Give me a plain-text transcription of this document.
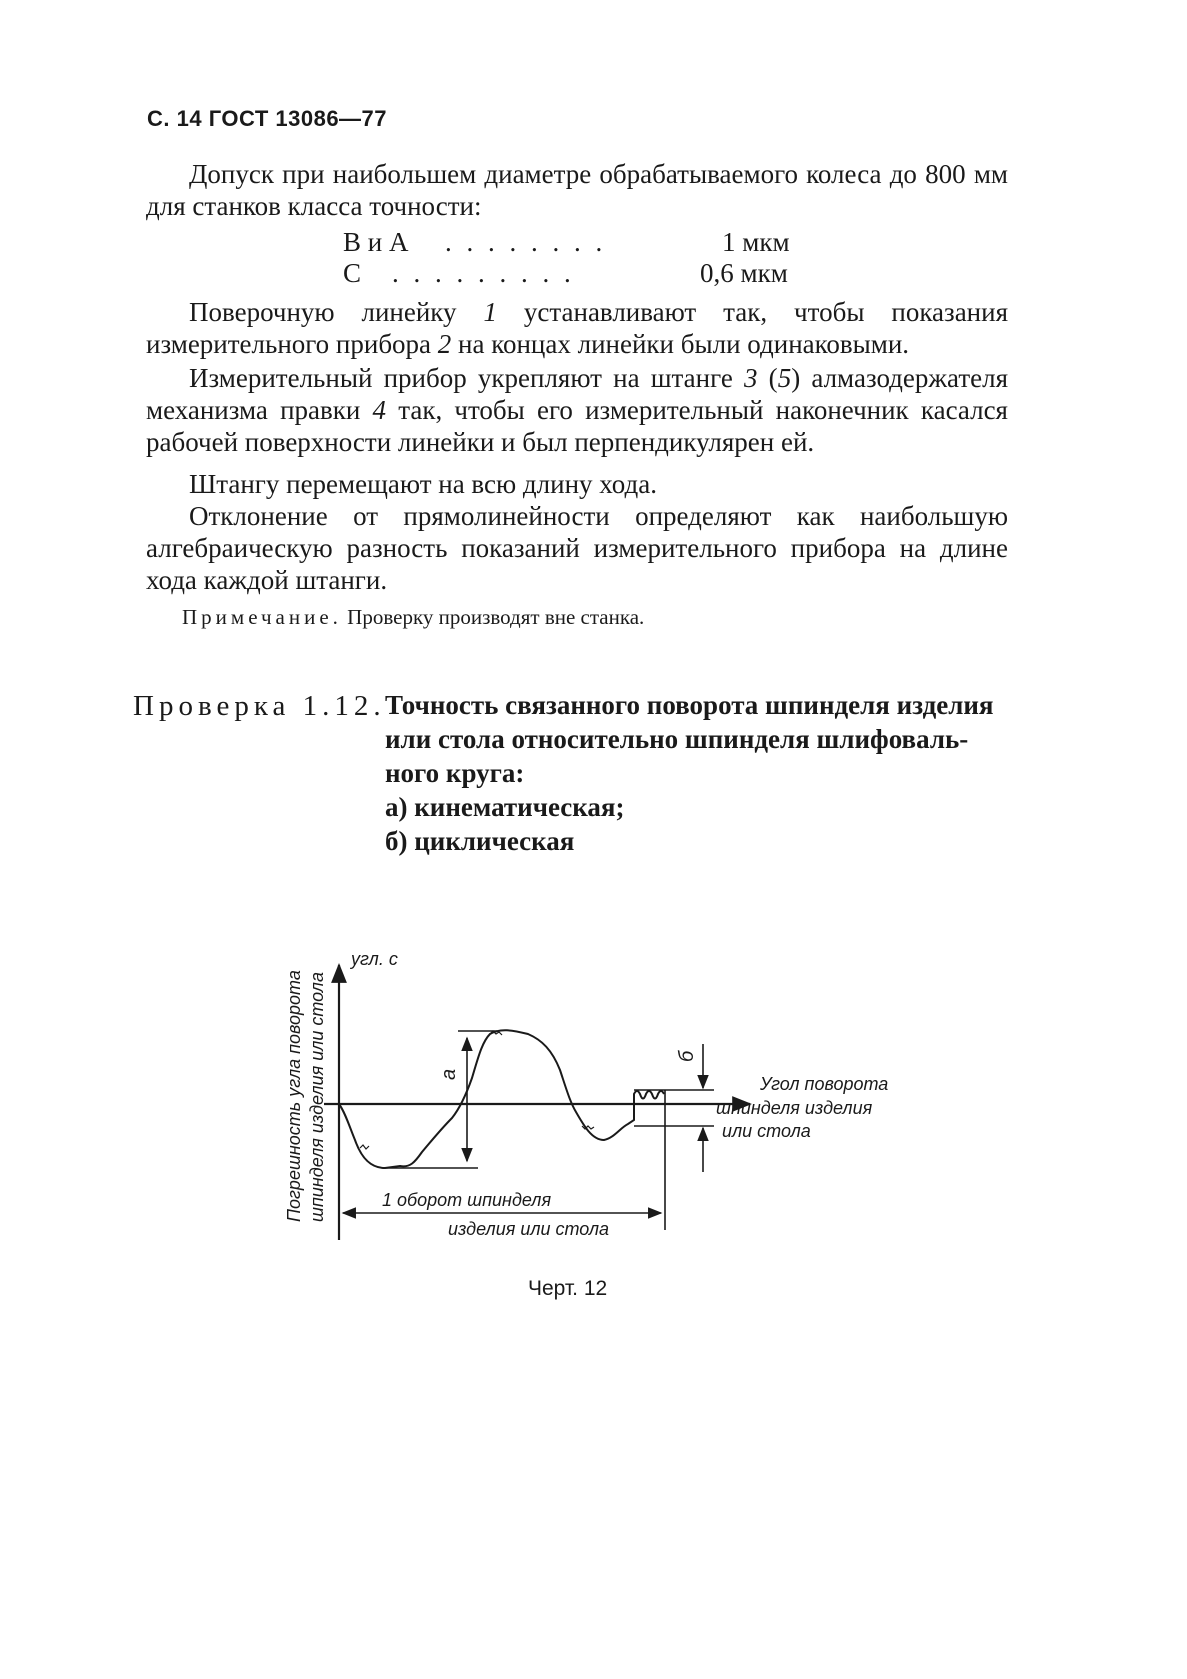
С. 14 ГОСТ 13086—77
Допуск при наибольшем диаметре обрабатываемого колеса до 800 мм для станков класса точности:
В и А . . . . . . . .	1 мкм
С . . . . . . . . .	0,6 мкм
Поверочную линейку 1 устанавливают так, чтобы показания измерительного прибора 2 на концах линейки были одинаковыми.
Измерительный прибор укрепляют на штанге 3 (5) алмазодержателя механизма правки 4 так, чтобы его измерительный наконечник касался рабочей поверхности линейки и был перпендикулярен ей.
Штангу перемещают на всю длину хода.
Отклонение от прямолинейности определяют как наибольшую алгебраическую разность показаний измерительного прибора на длине хода каждой штанги.
Примечание. Проверку производят вне станка.
Проверка 1.12. Точность связанного поворота шпинделя изделия
или стола относительно шпинделя шлифоваль-
ного круга:
а) кинематическая;
б) циклическая
Погрешность угла поворота шпинделя изделия или стола
угл. с
Угол поворота
шпинделя изделия
или стола
а
б
1 оборот шпинделя
изделия или стола
Черт. 12
